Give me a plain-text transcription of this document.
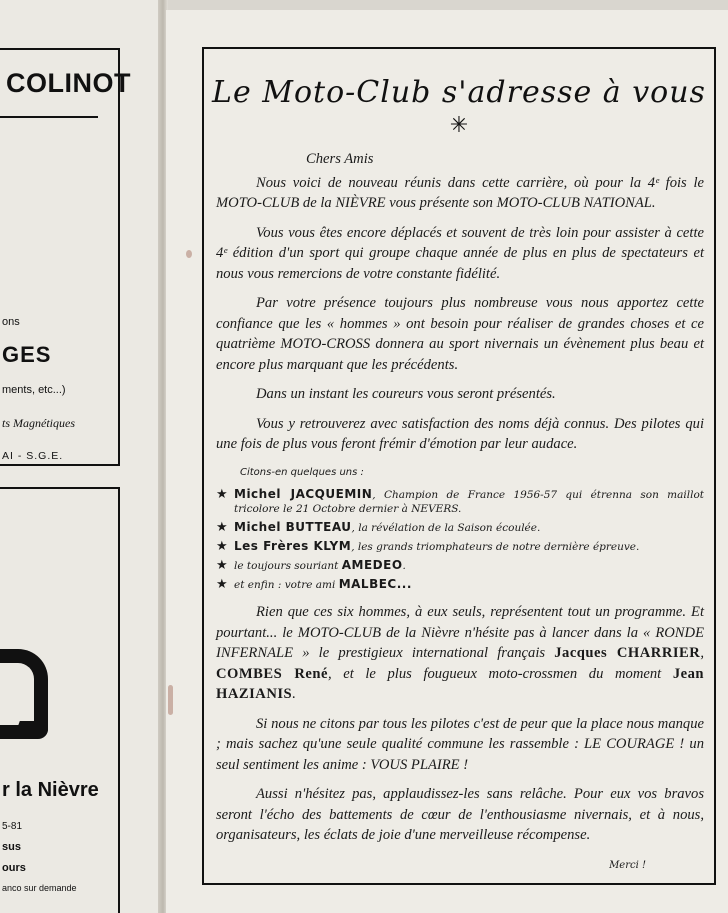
COLINOT
ons
GES
ments, etc...)
ts Magnétiques
AI - S.G.E.
r la Nièvre
5-81
sus
ours
anco sur demande
Le Moto-Club s'adresse à vous
✳
Chers Amis

Nous voici de nouveau réunis dans cette carrière, où pour la 4ᵉ fois le MOTO-CLUB de la NIÈVRE vous présente son MOTO-CLUB NATIONAL.

Vous vous êtes encore déplacés et souvent de très loin pour assister à cette 4ᵉ édition d'un sport qui groupe chaque année de plus en plus de spectateurs et nous vous remercions de votre constante fidélité.

Par votre présence toujours plus nombreuse vous nous apportez cette confiance que les « hommes » ont besoin pour réaliser de grandes choses et ce quatrième MOTO-CROSS donnera au sport nivernais un évènement plus beau et encore plus marquant que les précédents.

Dans un instant les coureurs vous seront présentés.

Vous y retrouverez avec satisfaction des noms déjà connus. Des pilotes qui une fois de plus vous feront frémir d'émotion par leur audace.

Citons-en quelques uns :
★ Michel JACQUEMIN, Champion de France 1956-57 qui étrenna son maillot tricolore le 21 Octobre dernier à NEVERS.
★ Michel BUTTEAU, la révélation de la Saison écoulée.
★ Les Frères KLYM, les grands triomphateurs de notre dernière épreuve.
★ le toujours souriant AMEDEO.
★ et enfin : votre ami MALBEC...

Rien que ces six hommes, à eux seuls, représentent tout un programme. Et pourtant... le MOTO-CLUB de la Nièvre n'hésite pas à lancer dans la « RONDE INFERNALE » le prestigieux international français Jacques CHARRIER, COMBES René, et le plus fougueux moto-crossmen du moment Jean HAZIANIS.

Si nous ne citons par tous les pilotes c'est de peur que la place nous manque ; mais sachez qu'une seule qualité commune les rassemble : LE COURAGE ! un seul sentiment les anime : VOUS PLAIRE !

Aussi n'hésitez pas, applaudissez-les sans relâche. Pour eux vos bravos seront l'écho des battements de cœur de l'enthousiasme nivernais, et à nous, organisateurs, les éclats de joie d'une merveilleuse récompense.

Merci !
